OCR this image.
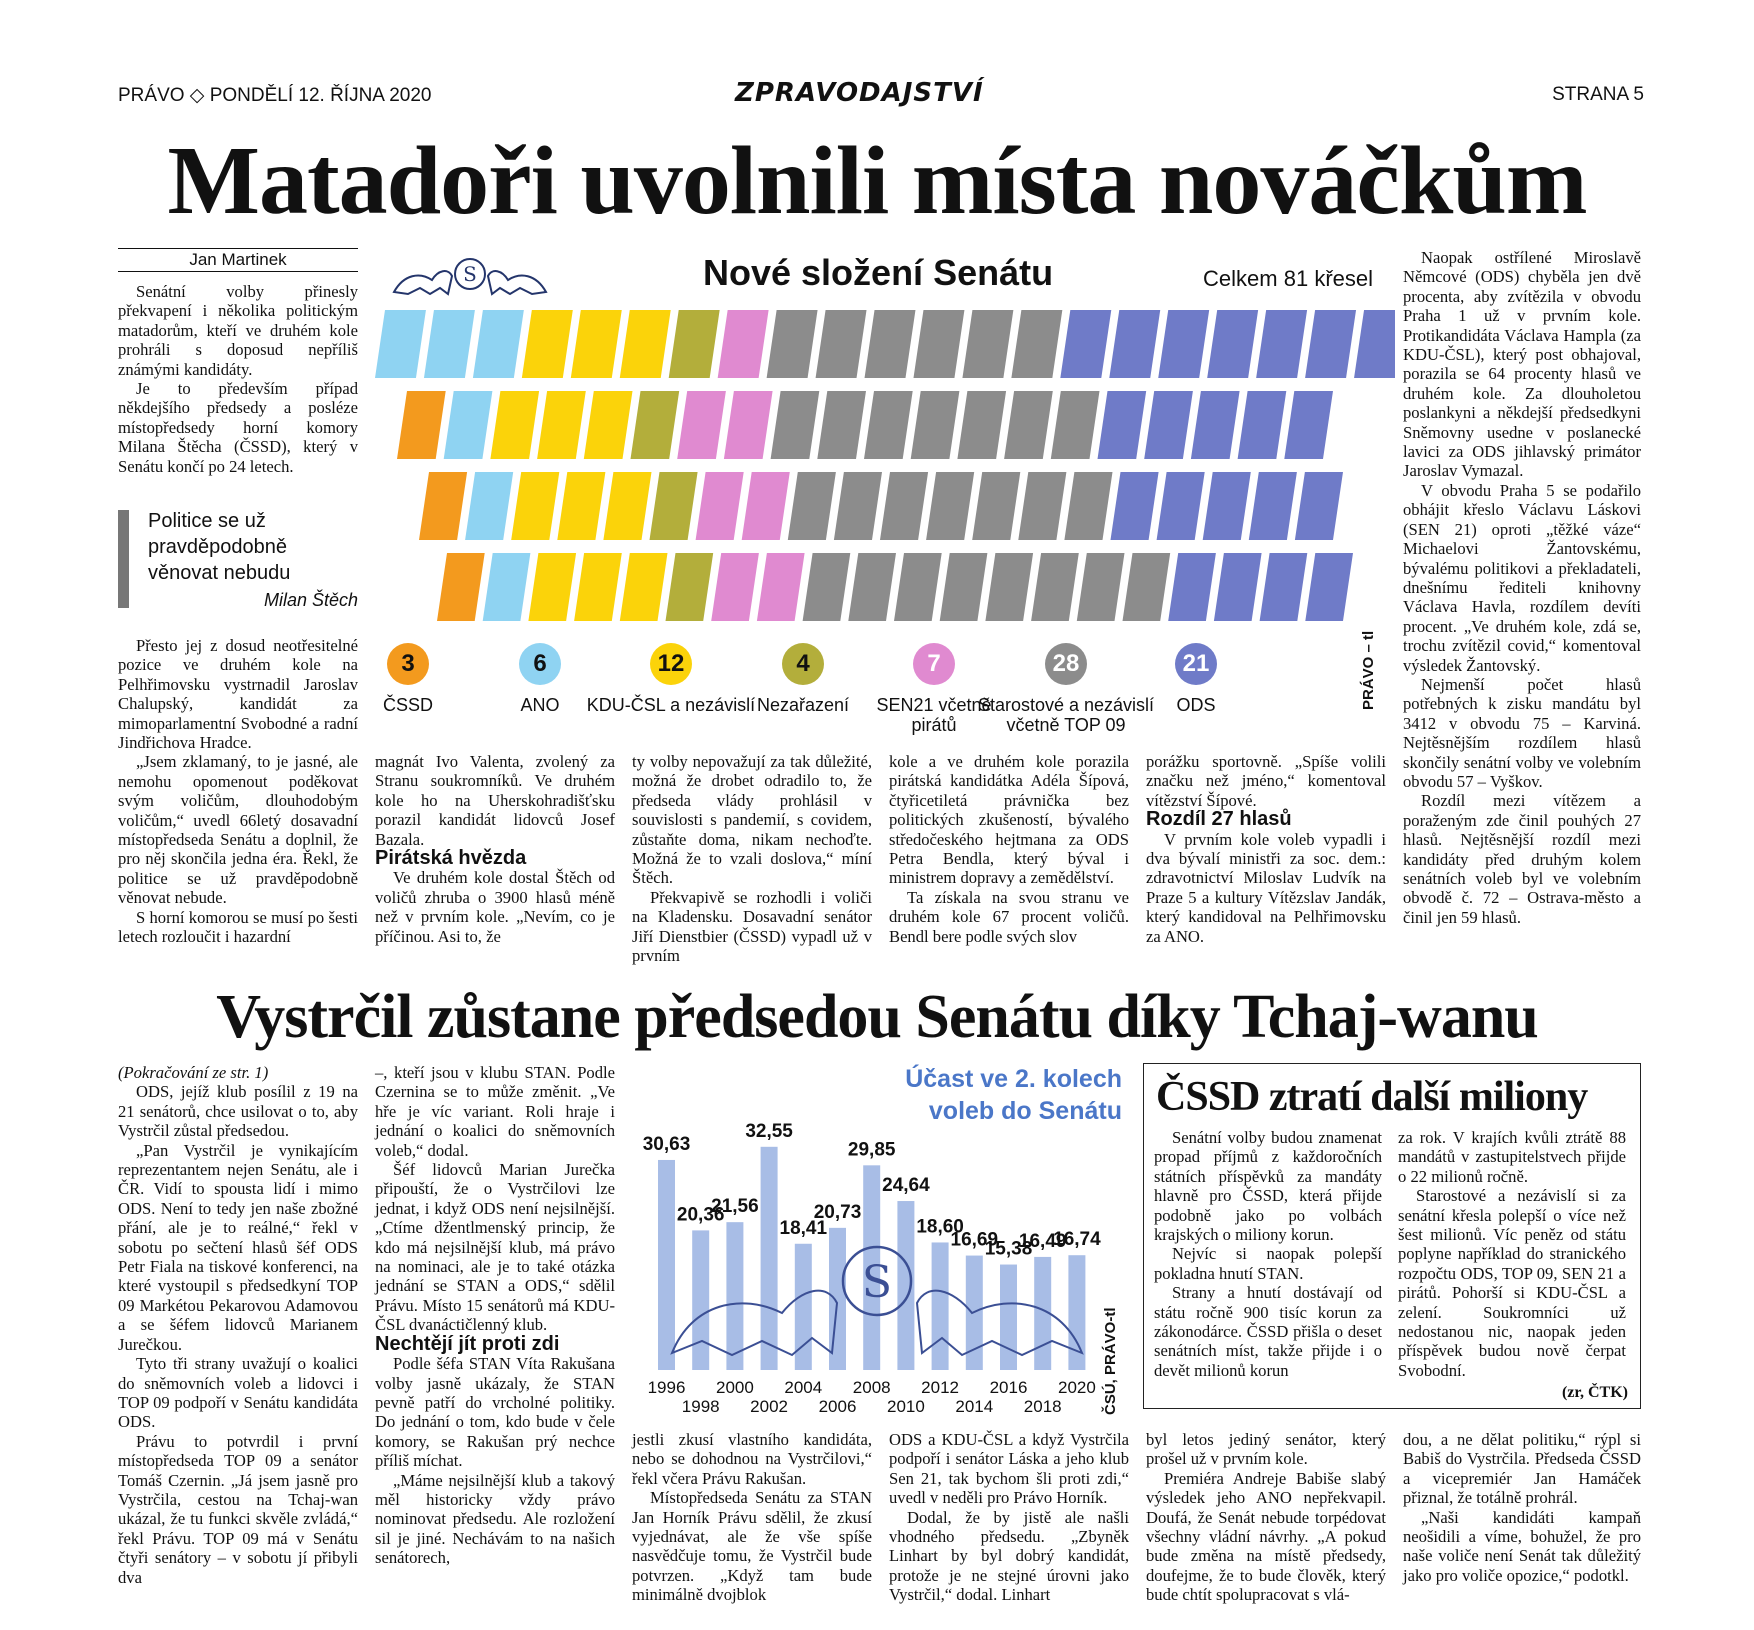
PRÁVO ◇ PONDĚLÍ 12. ŘÍJNA 2020	ZPRAVODAJSTVÍ	STRANA 5
Matadoři uvolnili místa nováčkům
Jan Martinek

Senátní volby přinesly překvapení i několika politickým matadorům, kteří ve druhém kole prohráli s doposud nepříliš známými kandidáty.

Je to především případ někdejšího předsedy a posléze místopředsedy horní komory Milana Štěcha (ČSSD), který v Senátu končí po 24 letech.

Politice se už pravděpodobně věnovat nebudu
Milan Štěch

Přesto jej z dosud neotřesitelné pozice ve druhém kole na Pelhřimovsku vystrnadil Jaroslav Chalupský, kandidát za mimoparlamentní Svobodné a radní Jindřichova Hradce.

„Jsem zklamaný, to je jasné, ale nemohu opomenout poděkovat svým voličům, dlouhodobým voličům,“ uvedl 66letý dosavadní místopředseda Senátu a doplnil, že pro něj skončila jedna éra. Řekl, že politice se už pravděpodobně věnovat nebude.

S horní komorou se musí po šesti letech rozloučit i hazardní

magnát Ivo Valenta, zvolený za Stranu soukromníků. Ve druhém kole ho na Uherskohradišťsku porazil kandidát lidovců Josef Bazala.

Pirátská hvězda

Ve druhém kole dostal Štěch od voličů zhruba o 3900 hlasů méně než v prvním kole. „Nevím, co je příčinou. Asi to, že

ty volby nepovažují za tak důležité, možná že drobet odradilo to, že předseda vlády prohlásil v souvislosti s pandemií, s covidem, zůstaňte doma, nikam nechoďte. Možná že to vzali doslova,“ míní Štěch.

Překvapivě se rozhodli i voliči na Kladensku. Dosavadní senátor Jiří Dienstbier (ČSSD) vypadl už v prvním

kole a ve druhém kole porazila pirátská kandidátka Adéla Šípová, čtyřicetiletá právnička bez politických zkušeností, bývalého středočeského hejtmana za ODS Petra Bendla, který býval i ministrem dopravy a zemědělství.

Ta získala na svou stranu ve druhém kole 67 procent voličů. Bendl bere podle svých slov

porážku sportovně. „Spíše volili značku než jméno,“ komentoval vítězství Šípové.

Rozdíl 27 hlasů

V prvním kole voleb vypadli i dva bývalí ministři za soc. dem.: zdravotnictví Miloslav Ludvík na Praze 5 a kultury Vítězslav Jandák, který kandidoval na Pelhřimovsku za ANO.

Naopak ostřílené Miroslavě Němcové (ODS) chyběla jen dvě procenta, aby zvítězila v obvodu Praha 1 už v prvním kole. Protikandidáta Václava Hampla (za KDU-ČSL), který post obhajoval, porazila se 64 procenty hlasů ve druhém kole. Za dlouholetou poslankyni a někdejší předsedkyni Sněmovny usedne v poslanecké lavici za ODS jihlavský primátor Jaroslav Vymazal.

V obvodu Praha 5 se podařilo obhájit křeslo Václavu Láskovi (SEN 21) oproti „těžké váze“ Michaelovi Žantovskému, bývalému politikovi a překladateli, dnešnímu řediteli knihovny Václava Havla, rozdílem devíti procent. „Ve druhém kole, zdá se, trochu zvítězil covid,“ komentoval výsledek Žantovský.

Nejmenší počet hlasů potřebných k zisku mandátu byl 3412 v obvodu 75 – Karviná. Nejtěsnějším rozdílem hlasů skončily senátní volby ve volebním obvodu 57 – Vyškov.

Rozdíl mezi vítězem a poraženým zde činil pouhých 27 hlasů. Nejtěsnější rozdíl mezi kandidáty před druhým kolem senátních voleb byl ve volebním obvodě č. 72 – Ostrava-město a činil jen 59 hlasů.

S	Nové složení Senátu	Celkem 81 křesel
3
ČSSD
6
ANO
12
KDU-ČSL a nezávislí
4
Nezařazení
7
SEN21 včetně pirátů
28
Starostové a nezávislí včetně TOP 09
21
ODS	PRÁVO – tl
Vystrčil zůstane předsedou Senátu díky Tchaj-wanu

(Pokračování ze str. 1)

ODS, jejíž klub posílil z 19 na 21 senátorů, chce usilovat o to, aby Vystrčil zůstal předsedou.

„Pan Vystrčil je vynikajícím reprezentantem nejen Senátu, ale i ČR. Vidí to spousta lidí i mimo ODS. Není to tedy jen naše zbožné přání, ale je to reálné,“ řekl v sobotu po sečtení hlasů šéf ODS Petr Fiala na tiskové konferenci, na které vystoupil s předsedkyní TOP 09 Markétou Pekarovou Adamovou a se šéfem lidovců Marianem Jurečkou.

Tyto tři strany uvažují o koalici do sněmovních voleb a lidovci i TOP 09 podpoří v Senátu kandidáta ODS.

Právu to potvrdil i první místopředseda TOP 09 a senátor Tomáš Czernin. „Já jsem jasně pro Vystrčila, cestou na Tchaj-wan ukázal, že tu funkci skvěle zvládá,“ řekl Právu. TOP 09 má v Senátu čtyři senátory – v sobotu jí přibyli dva

–, kteří jsou v klubu STAN. Podle Czernina se to může změnit. „Ve hře je víc variant. Roli hraje i jednání o koalici do sněmovních voleb,“ dodal.

Šéf lidovců Marian Jurečka připouští, že o Vystrčilovi lze jednat, i když ODS není nejsilnější. „Ctíme džentlmenský princip, že kdo má nejsilnější klub, má právo na nominaci, ale je to také otázka jednání se STAN a ODS,“ sdělil Právu. Místo 15 senátorů má KDU-ČSL dvanáctičlenný klub.

Nechtějí jít proti zdi

Podle šéfa STAN Víta Rakušana volby jasně ukázaly, že STAN pevně patří do vrcholné politiky. Do jednání o tom, kdo bude v čele komory, se Rakušan prý nechce příliš míchat.

„Máme nejsilnější klub a takový měl historicky vždy právo nominovat předsedu. Ale rozložení sil je jiné. Nechávám to na našich senátorech,

S
30,63
20,36
21,56
32,55
18,41
20,73
29,85
24,64
18,60
16,69
15,38
16,49
16,74
1996
1998
2000
2002
2004
2006
2008
2010
2012
2014
2016
2018
2020
Účast ve 2. kolech voleb do Senátu
ČSÚ, PRÁVO-tl

jestli zkusí vlastního kandidáta, nebo se dohodnou na Vystrčilovi,“ řekl včera Právu Rakušan.

Místopředseda Senátu za STAN Jan Horník Právu sdělil, že zkusí vyjednávat, ale že vše spíše nasvědčuje tomu, že Vystrčil bude potvrzen. „Když tam bude minimálně dvojblok

ODS a KDU-ČSL a když Vystrčila podpoří i senátor Láska a jeho klub Sen 21, tak bychom šli proti zdi,“ uvedl v neděli pro Právo Horník.

Dodal, že by jistě ale našli vhodného předsedu. „Zbyněk Linhart by byl dobrý kandidát, protože je ne stejné úrovni jako Vystrčil,“ dodal. Linhart

byl letos jediný senátor, který prošel už v prvním kole.

Premiéra Andreje Babiše slabý výsledek jeho ANO nepřekvapil. Doufá, že Senát nebude torpédovat všechny vládní návrhy. „A pokud bude změna na místě předsedy, doufejme, že to bude člověk, který bude chtít spolupracovat s vlá-

dou, a ne dělat politiku,“ rýpl si Babiš do Vystrčila. Předseda ČSSD a vicepremiér Jan Hamáček přiznal, že totálně prohrál.

„Naši kandidáti kampaň neošidili a víme, bohužel, že pro naše voliče není Senát tak důležitý jako pro voliče opozice,“ podotkl.

ČSSD ztratí další miliony

Senátní volby budou znamenat propad příjmů z každoročních státních příspěvků za mandáty hlavně pro ČSSD, která přijde podobně jako po volbách krajských o miliony korun.

Nejvíc si naopak polepší pokladna hnutí STAN.

Strany a hnutí dostávají od státu ročně 900 tisíc korun za zákonodárce. ČSSD přišla o deset senátních míst, takže přijde i o devět milionů korun

za rok. V krajích kvůli ztrátě 88 mandátů v zastupitelstvech přijde o 22 milionů ročně.

Starostové a nezávislí si za senátní křesla polepší o více než šest milionů. Víc peněz od státu poplyne například do stranického rozpočtu ODS, TOP 09, SEN 21 a pirátů. Pohorší si KDU-ČSL a zelení. Soukromníci už nedostanou nic, naopak jeden příspěvek budou nově čerpat Svobodní.

(zr, ČTK)
